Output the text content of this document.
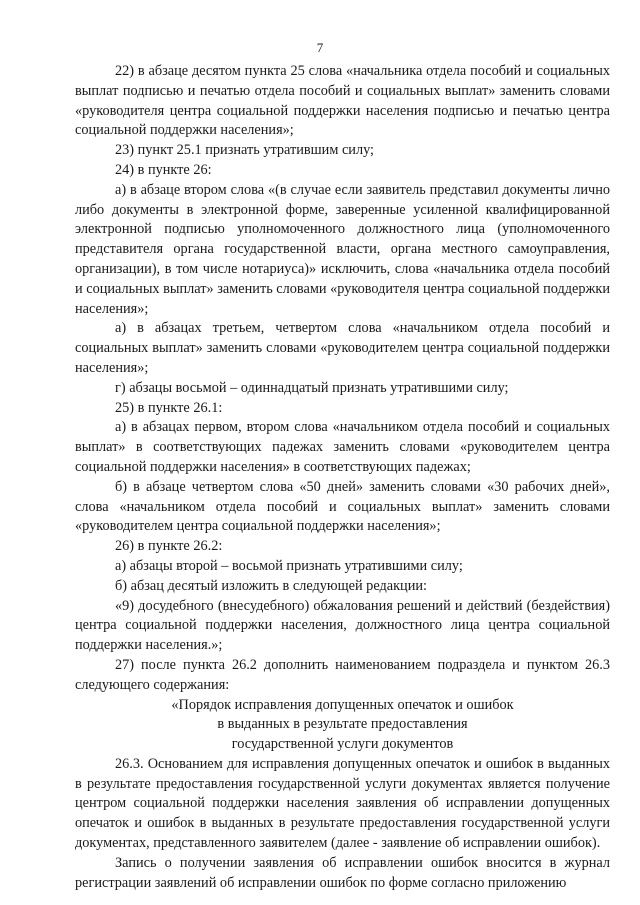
7

22) в абзаце десятом пункта 25 слова «начальника отдела пособий и социальных выплат подписью и печатью отдела пособий и социальных выплат» заменить словами «руководителя центра социальной поддержки населения подписью и печатью центра социальной поддержки населения»;

23) пункт 25.1 признать утратившим силу;

24) в пункте 26:

а) в абзаце втором слова «(в случае если заявитель представил документы лично либо документы в электронной форме, заверенные усиленной квалифицированной электронной подписью уполномоченного должностного лица (уполномоченного представителя органа государственной власти, органа местного самоуправления, организации), в том числе нотариуса)» исключить, слова «начальника отдела пособий и социальных выплат» заменить словами «руководителя центра социальной поддержки населения»;

а) в абзацах третьем, четвертом слова «начальником отдела пособий и социальных выплат» заменить словами «руководителем центра социальной поддержки населения»;

г) абзацы восьмой – одиннадцатый признать утратившими силу;

25) в пункте 26.1:

а) в абзацах первом, втором слова «начальником отдела пособий и социальных выплат» в соответствующих падежах заменить словами «руководителем центра социальной поддержки населения» в соответствующих падежах;

б) в абзаце четвертом слова «50 дней» заменить словами «30 рабочих дней», слова «начальником отдела пособий и социальных выплат» заменить словами «руководителем центра социальной поддержки населения»;

26) в пункте 26.2:

а) абзацы второй – восьмой признать утратившими силу;

б) абзац десятый изложить в следующей редакции:

«9) досудебного (внесудебного) обжалования решений и действий (бездействия) центра социальной поддержки населения, должностного лица центра социальной поддержки населения.»;

27) после пункта 26.2 дополнить наименованием подраздела и пунктом 26.3 следующего содержания:

«Порядок исправления допущенных опечаток и ошибок

в выданных в результате предоставления

государственной услуги документов

26.3. Основанием для исправления допущенных опечаток и ошибок в выданных в результате предоставления государственной услуги документах является получение центром социальной поддержки населения заявления об исправлении допущенных опечаток и ошибок в выданных в результате предоставления государственной услуги документах, представленного заявителем (далее - заявление об исправлении ошибок).

Запись о получении заявления об исправлении ошибок вносится в журнал регистрации заявлений об исправлении ошибок по форме согласно приложению
